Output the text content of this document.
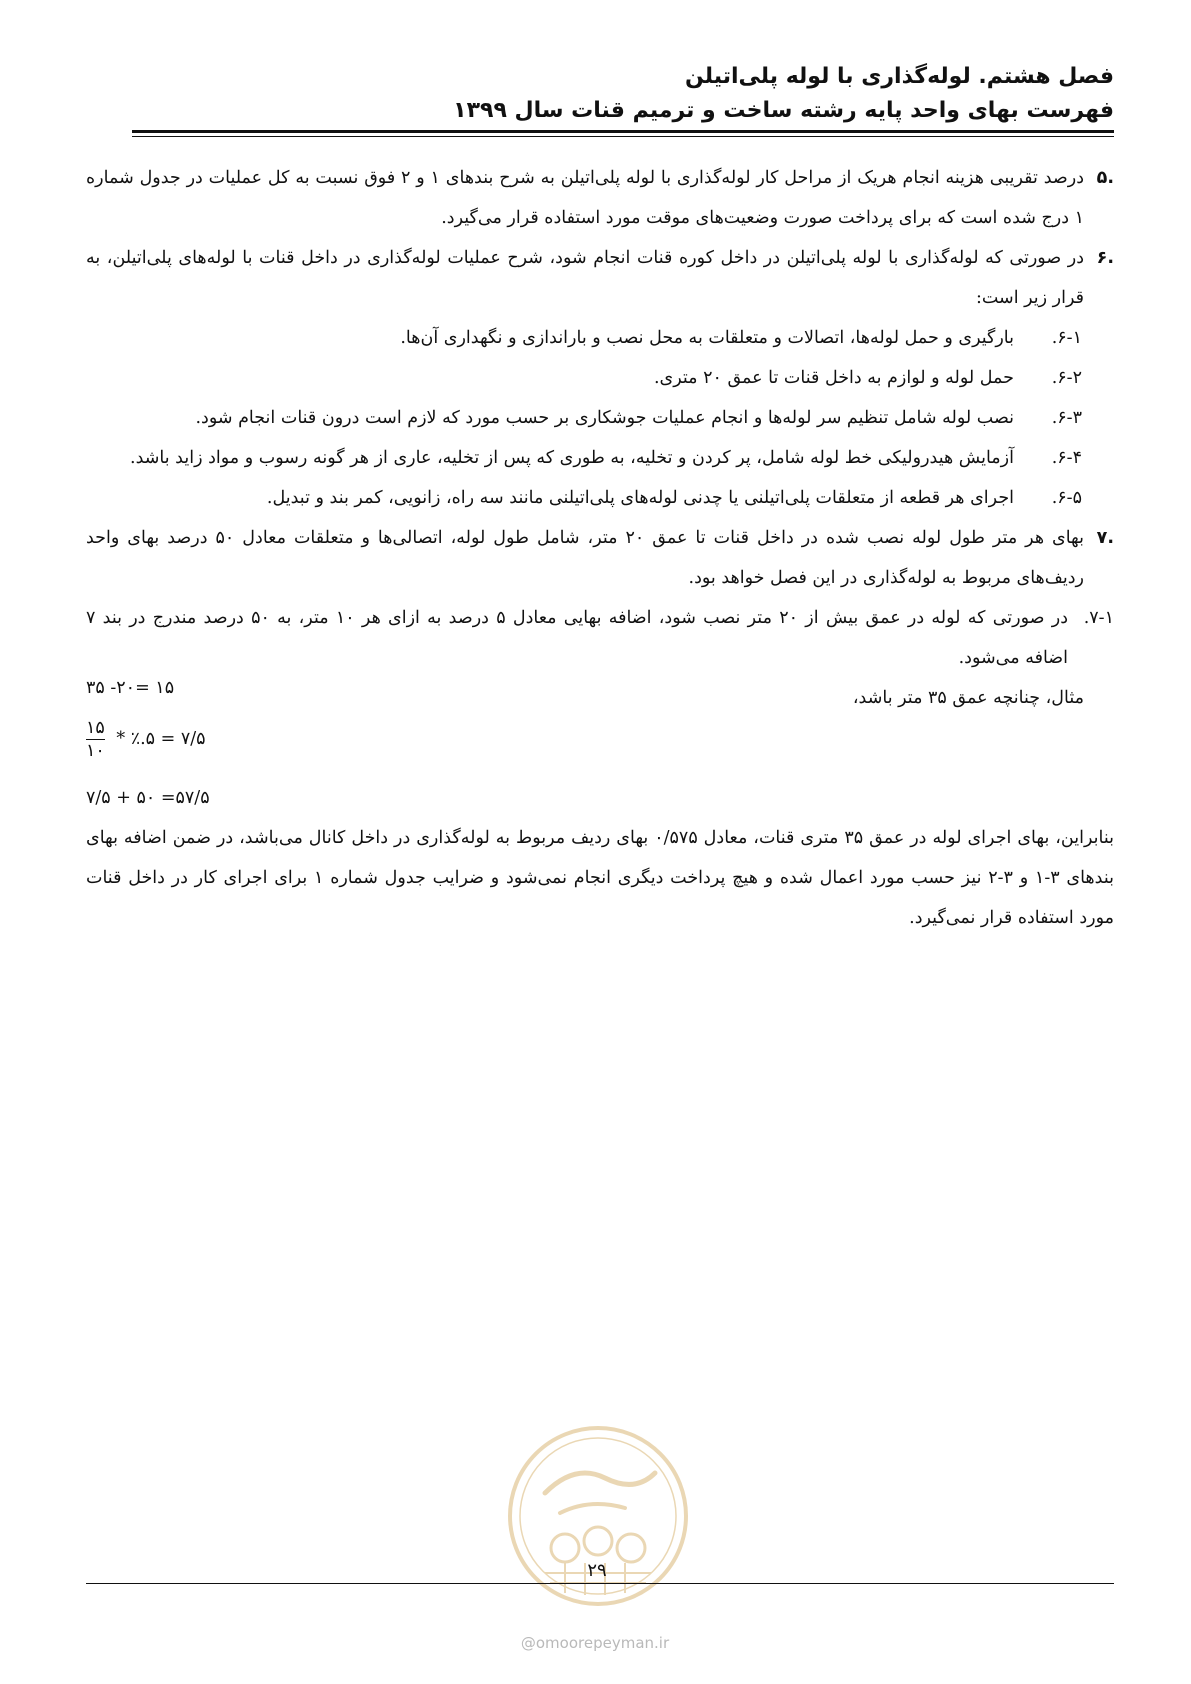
فصل هشتم. لوله‌گذاری با لوله پلی‌اتیلن
فهرست بهای واحد پایه رشته ساخت و ترمیم قنات سال ۱۳۹۹

.۵
درصد تقریبی هزینه انجام هریک از مراحل کار لوله‌گذاری با لوله پلی‌اتیلن به شرح بندهای ۱ و ۲ فوق نسبت به کل عملیات در جدول شماره ۱ درج شده است که برای پرداخت صورت وضعیت‌های موقت مورد استفاده قرار می‌گیرد.

.۶
در صورتی که لوله‌گذاری با لوله پلی‌اتیلن در داخل کوره قنات انجام شود، شرح عملیات لوله‌گذاری در داخل قنات با لوله‌های پلی‌اتیلن، به قرار زیر است:

۶-۱.
بارگیری و حمل لوله‌ها، اتصالات و متعلقات به محل نصب و باراندازی و نگهداری آن‌ها.

۶-۲.
حمل لوله و لوازم به داخل قنات تا عمق ۲۰ متری.

۶-۳.
نصب لوله شامل تنظیم سر لوله‌ها و انجام عملیات جوشکاری بر حسب مورد که لازم است درون قنات انجام شود.

۶-۴.
آزمایش هیدرولیکی خط لوله شامل، پر کردن و تخلیه، به طوری که پس از تخلیه، عاری از هر گونه رسوب و مواد زاید باشد.

۶-۵.
اجرای هر قطعه از متعلقات پلی‌اتیلنی یا چدنی لوله‌های پلی‌اتیلنی مانند سه راه، زانویی، کمر بند و تبدیل.

.۷
بهای هر متر طول لوله نصب شده در داخل قنات تا عمق ۲۰ متر، شامل طول لوله، اتصالی‌ها و متعلقات معادل ۵۰ درصد بهای واحد ردیف‌های مربوط به لوله‌گذاری در این فصل خواهد بود.

۷-۱.
در صورتی که لوله در عمق بیش از ۲۰ متر نصب شود، اضافه بهایی معادل ۵ درصد به ازای هر ۱۰ متر، به ۵۰ درصد مندرج در بند ۷ اضافه می‌شود.

مثال، چنانچه عمق ۳۵ متر باشد،

۳۵ -۲۰= ۱۵
$\frac{۱۵}{۱۰}$ * ٪.۵ = ۷/۵
۷/۵ + ۵۰ =۵۷/۵

بنابراین، بهای اجرای لوله در عمق ۳۵ متری قنات، معادل ۰/۵۷۵ بهای ردیف مربوط به لوله‌گذاری در داخل کانال می‌باشد، در ضمن اضافه بهای بندهای ۳-۱ و ۳-۲ نیز حسب مورد اعمال شده و هیچ پرداخت دیگری انجام نمی‌شود و ضرایب جدول شماره ۱ برای اجرای کار در داخل قنات مورد استفاده قرار نمی‌گیرد.

۲۹
@omoorepeyman.ir
